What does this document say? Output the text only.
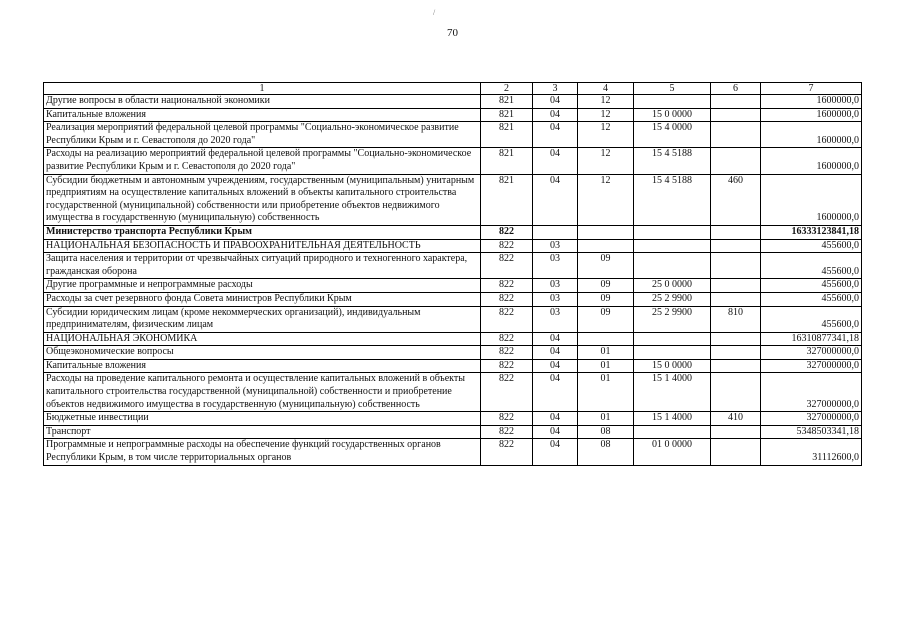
/
70
1	2	3	4	5	6	7
Другие вопросы в области национальной экономики	821	04	12			1600000,0
Капитальные вложения	821	04	12	15 0 0000		1600000,0
Реализация мероприятий федеральной целевой программы "Социально-экономическое развитие Республики Крым и г. Севастополя до 2020 года"	821	04	12	15 4 0000		1600000,0
Расходы на реализацию мероприятий федеральной целевой программы "Социально-экономическое развитие Республики Крым и г. Севастополя до 2020 года"	821	04	12	15 4 5188		1600000,0
Субсидии бюджетным и автономным учреждениям, государственным (муниципальным) унитарным предприятиям на осуществление капитальных вложений в объекты капитального строительства государственной (муниципальной) собственности или приобретение объектов недвижимого имущества в государственную (муниципальную) собственность	821	04	12	15 4 5188	460	1600000,0
Министерство транспорта Республики Крым	822					16333123841,18
НАЦИОНАЛЬНАЯ БЕЗОПАСНОСТЬ И ПРАВООХРАНИТЕЛЬНАЯ ДЕЯТЕЛЬНОСТЬ	822	03				455600,0
Защита населения и территории от чрезвычайных ситуаций природного и техногенного характера, гражданская оборона	822	03	09			455600,0
Другие программные и непрограммные расходы	822	03	09	25 0 0000		455600,0
Расходы за счет резервного фонда Совета министров Республики Крым	822	03	09	25 2 9900		455600,0
Субсидии юридическим лицам (кроме некоммерческих организаций), индивидуальным предпринимателям, физическим лицам	822	03	09	25 2 9900	810	455600,0
НАЦИОНАЛЬНАЯ ЭКОНОМИКА	822	04				16310877341,18
Общеэкономические вопросы	822	04	01			327000000,0
Капитальные вложения	822	04	01	15 0 0000		327000000,0
Расходы на проведение капитального ремонта и осуществление капитальных вложений в объекты капитального строительства государственной (муниципальной) собственности и приобретение объектов недвижимого имущества в государственную (муниципальную) собственность	822	04	01	15 1 4000		327000000,0
Бюджетные инвестиции	822	04	01	15 1 4000	410	327000000,0
Транспорт	822	04	08			5348503341,18
Программные и непрограммные расходы на обеспечение функций государственных органов Республики Крым, в том числе территориальных органов	822	04	08	01 0 0000		31112600,0
